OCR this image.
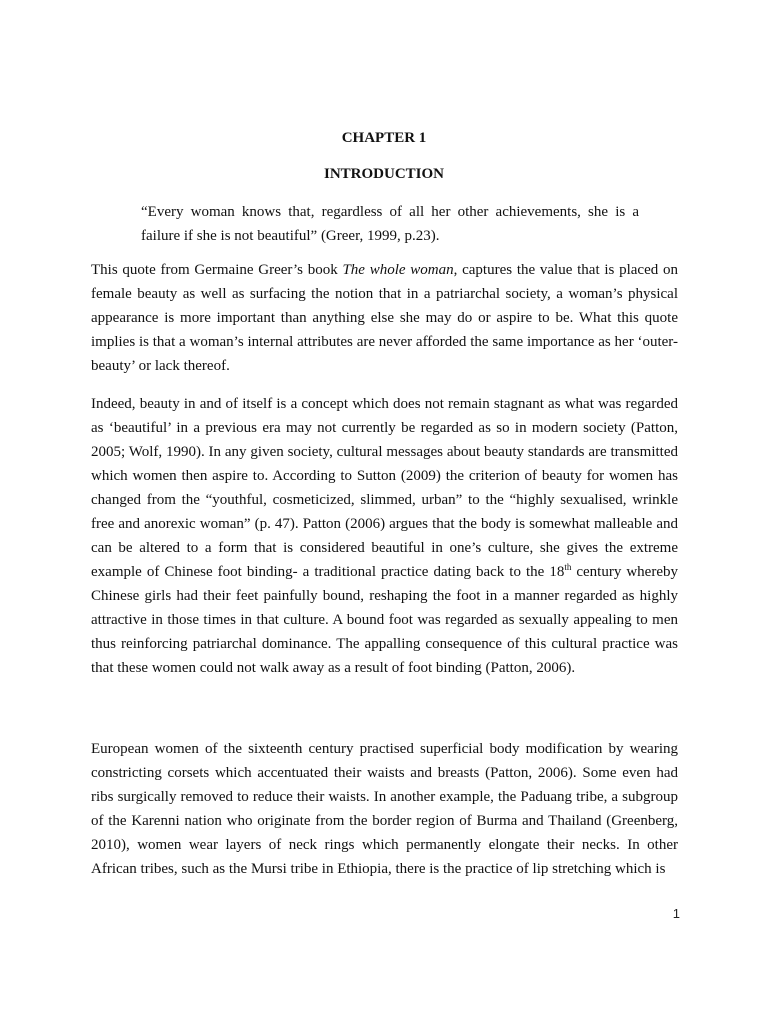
CHAPTER 1
INTRODUCTION
“Every woman knows that, regardless of all her other achievements, she is a failure if she is not beautiful” (Greer, 1999, p.23).

This quote from Germaine Greer’s book The whole woman, captures the value that is placed on female beauty as well as surfacing the notion that in a patriarchal society, a woman’s physical appearance is more important than anything else she may do or aspire to be. What this quote implies is that a woman’s internal attributes are never afforded the same importance as her ‘outer-beauty’ or lack thereof.

Indeed, beauty in and of itself is a concept which does not remain stagnant as what was regarded as ‘beautiful’ in a previous era may not currently be regarded as so in modern society (Patton, 2005; Wolf, 1990). In any given society, cultural messages about beauty standards are transmitted which women then aspire to. According to Sutton (2009) the criterion of beauty for women has changed from the “youthful, cosmeticized, slimmed, urban” to the “highly sexualised, wrinkle free and anorexic woman” (p. 47). Patton (2006) argues that the body is somewhat malleable and can be altered to a form that is considered beautiful in one’s culture, she gives the extreme example of Chinese foot binding- a traditional practice dating back to the 18th century whereby Chinese girls had their feet painfully bound, reshaping the foot in a manner regarded as highly attractive in those times in that culture. A bound foot was regarded as sexually appealing to men thus reinforcing patriarchal dominance. The appalling consequence of this cultural practice was that these women could not walk away as a result of foot binding (Patton, 2006).

European women of the sixteenth century practised superficial body modification by wearing constricting corsets which accentuated their waists and breasts (Patton, 2006). Some even had ribs surgically removed to reduce their waists. In another example, the Paduang tribe, a subgroup of the Karenni nation who originate from the border region of Burma and Thailand (Greenberg, 2010), women wear layers of neck rings which permanently elongate their necks. In other African tribes, such as the Mursi tribe in Ethiopia, there is the practice of lip stretching which is

1
